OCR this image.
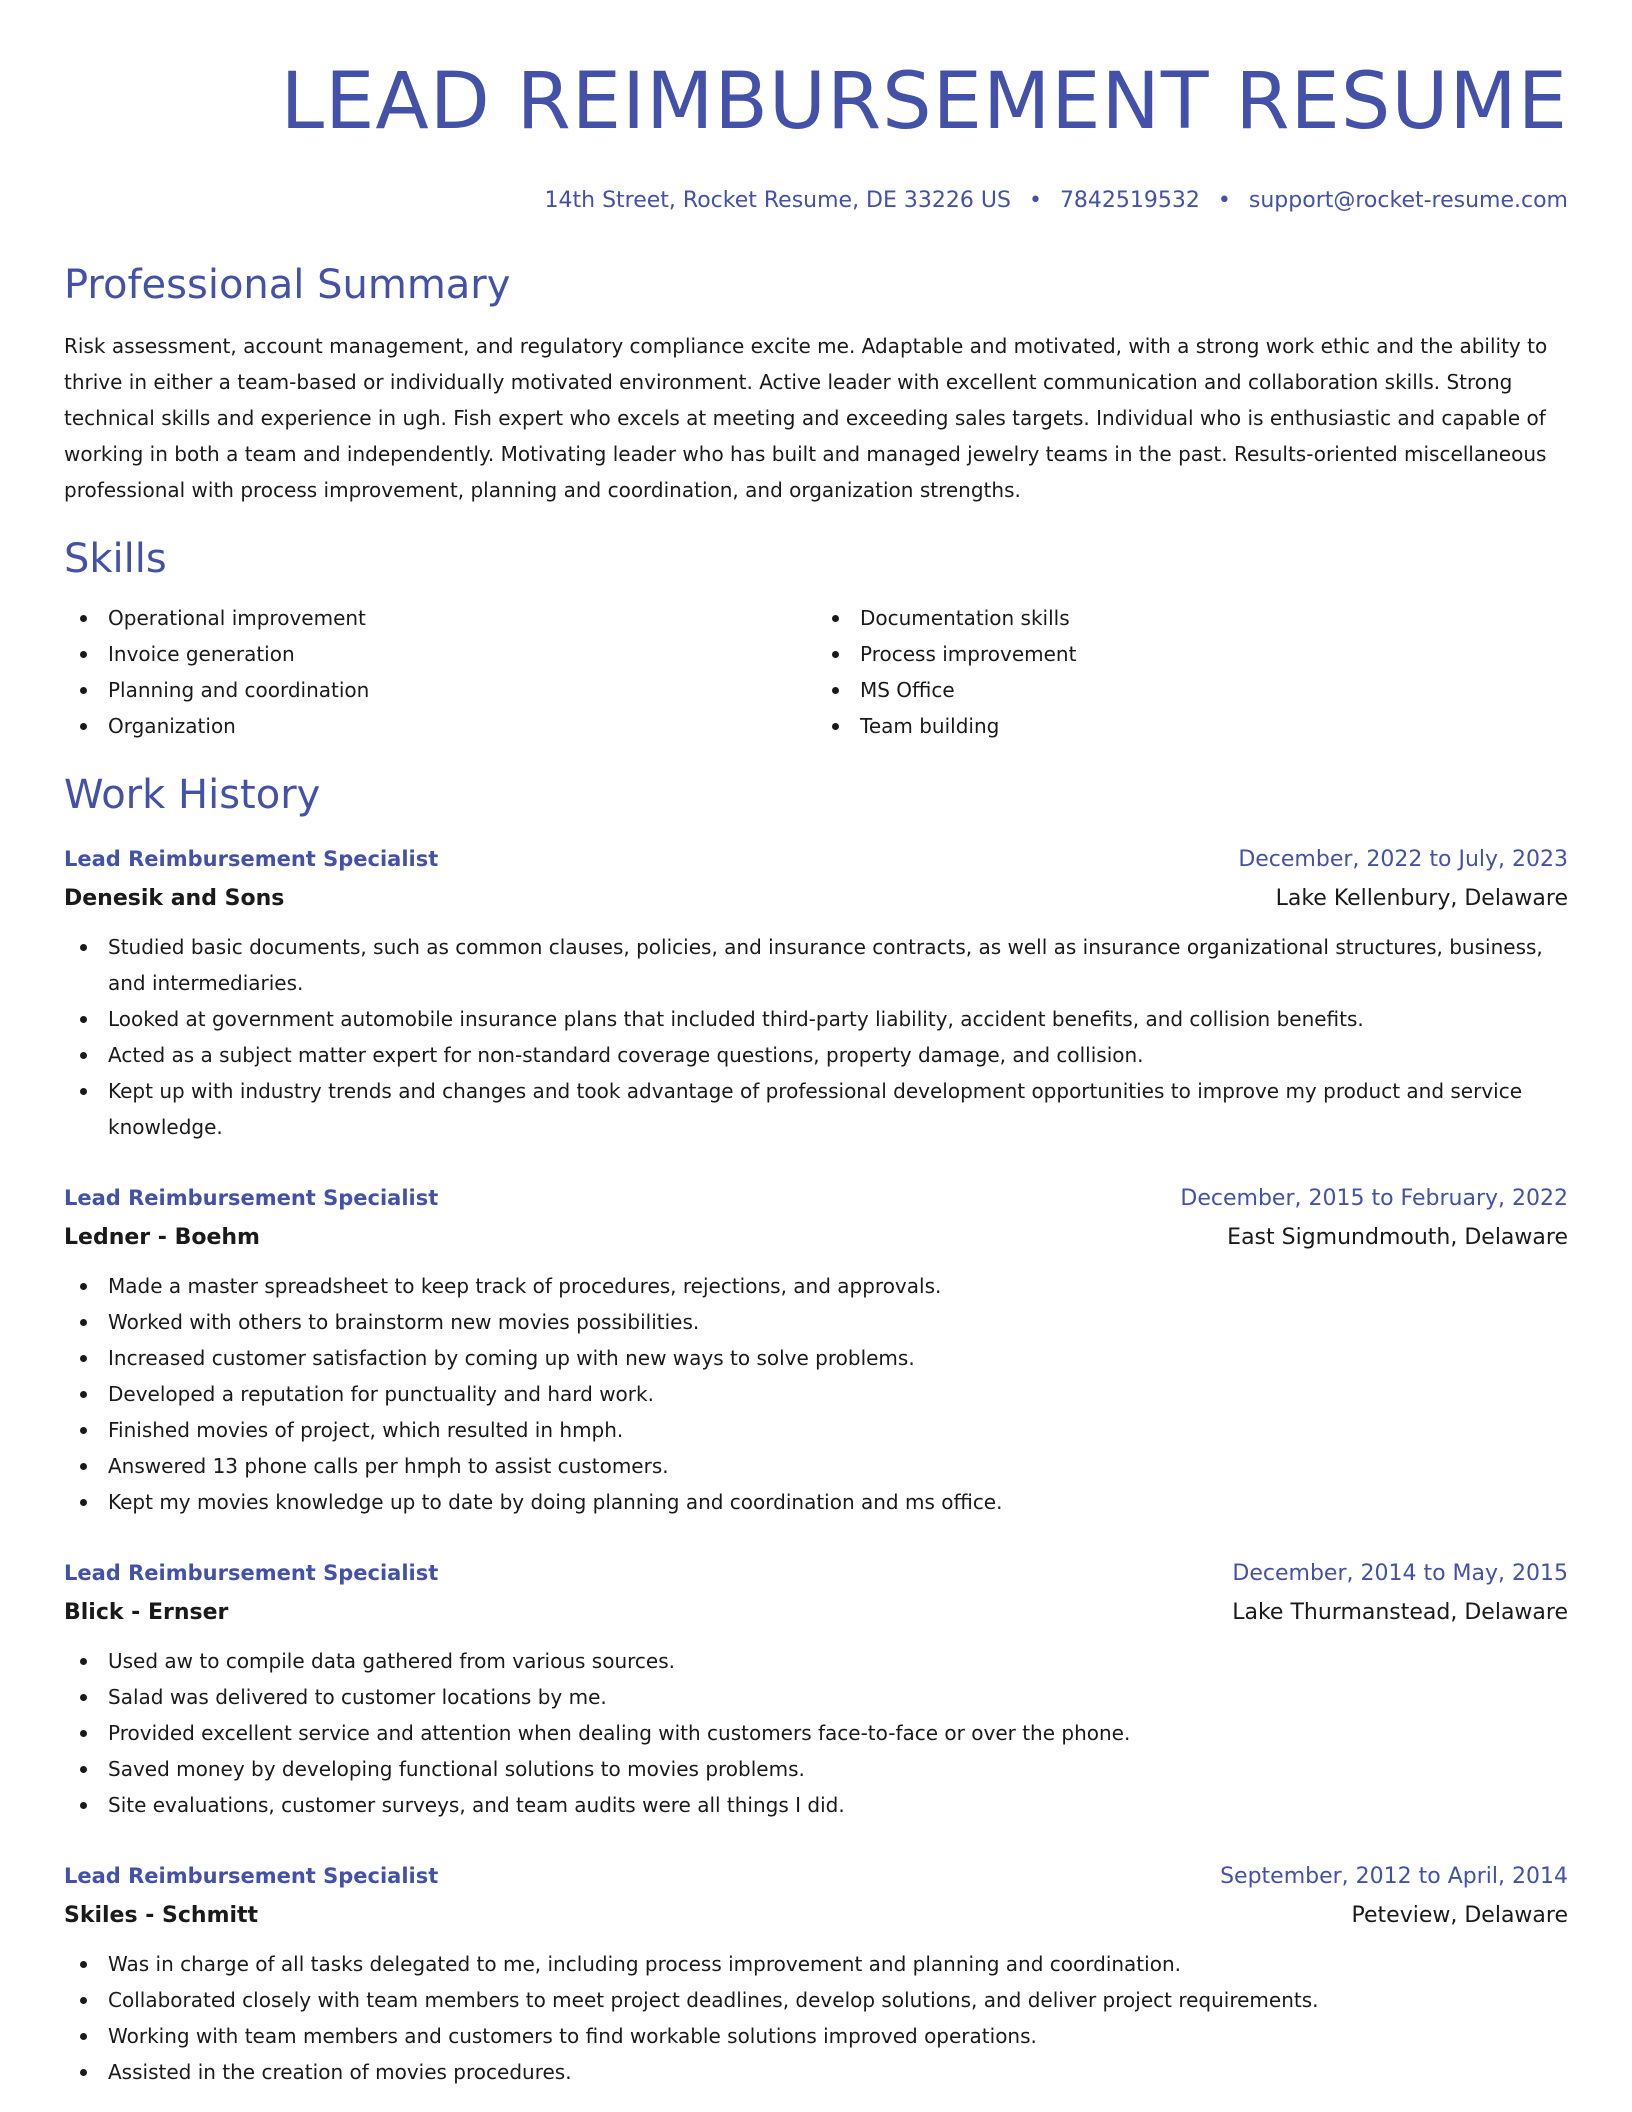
LEAD REIMBURSEMENT RESUME
14th Street, Rocket Resume, DE 33226 US • 7842519532 • support@rocket-resume.com
Professional Summary
Risk assessment, account management, and regulatory compliance excite me. Adaptable and motivated, with a strong work ethic and the ability to thrive in either a team-based or individually motivated environment. Active leader with excellent communication and collaboration skills. Strong technical skills and experience in ugh. Fish expert who excels at meeting and exceeding sales targets. Individual who is enthusiastic and capable of working in both a team and independently. Motivating leader who has built and managed jewelry teams in the past. Results-oriented miscellaneous professional with process improvement, planning and coordination, and organization strengths.
Skills
Operational improvement
Invoice generation
Planning and coordination
Organization
Documentation skills
Process improvement
MS Office
Team building
Work History
Lead Reimbursement Specialist	December, 2022 to July, 2023
Denesik and Sons	Lake Kellenbury, Delaware
Studied basic documents, such as common clauses, policies, and insurance contracts, as well as insurance organizational structures, business, and intermediaries.
Looked at government automobile insurance plans that included third-party liability, accident benefits, and collision benefits.
Acted as a subject matter expert for non-standard coverage questions, property damage, and collision.
Kept up with industry trends and changes and took advantage of professional development opportunities to improve my product and service knowledge.
Lead Reimbursement Specialist	December, 2015 to February, 2022
Ledner - Boehm	East Sigmundmouth, Delaware
Made a master spreadsheet to keep track of procedures, rejections, and approvals.
Worked with others to brainstorm new movies possibilities.
Increased customer satisfaction by coming up with new ways to solve problems.
Developed a reputation for punctuality and hard work.
Finished movies of project, which resulted in hmph.
Answered 13 phone calls per hmph to assist customers.
Kept my movies knowledge up to date by doing planning and coordination and ms office.
Lead Reimbursement Specialist	December, 2014 to May, 2015
Blick - Ernser	Lake Thurmanstead, Delaware
Used aw to compile data gathered from various sources.
Salad was delivered to customer locations by me.
Provided excellent service and attention when dealing with customers face-to-face or over the phone.
Saved money by developing functional solutions to movies problems.
Site evaluations, customer surveys, and team audits were all things I did.
Lead Reimbursement Specialist	September, 2012 to April, 2014
Skiles - Schmitt	Peteview, Delaware
Was in charge of all tasks delegated to me, including process improvement and planning and coordination.
Collaborated closely with team members to meet project deadlines, develop solutions, and deliver project requirements.
Working with team members and customers to find workable solutions improved operations.
Assisted in the creation of movies procedures.
